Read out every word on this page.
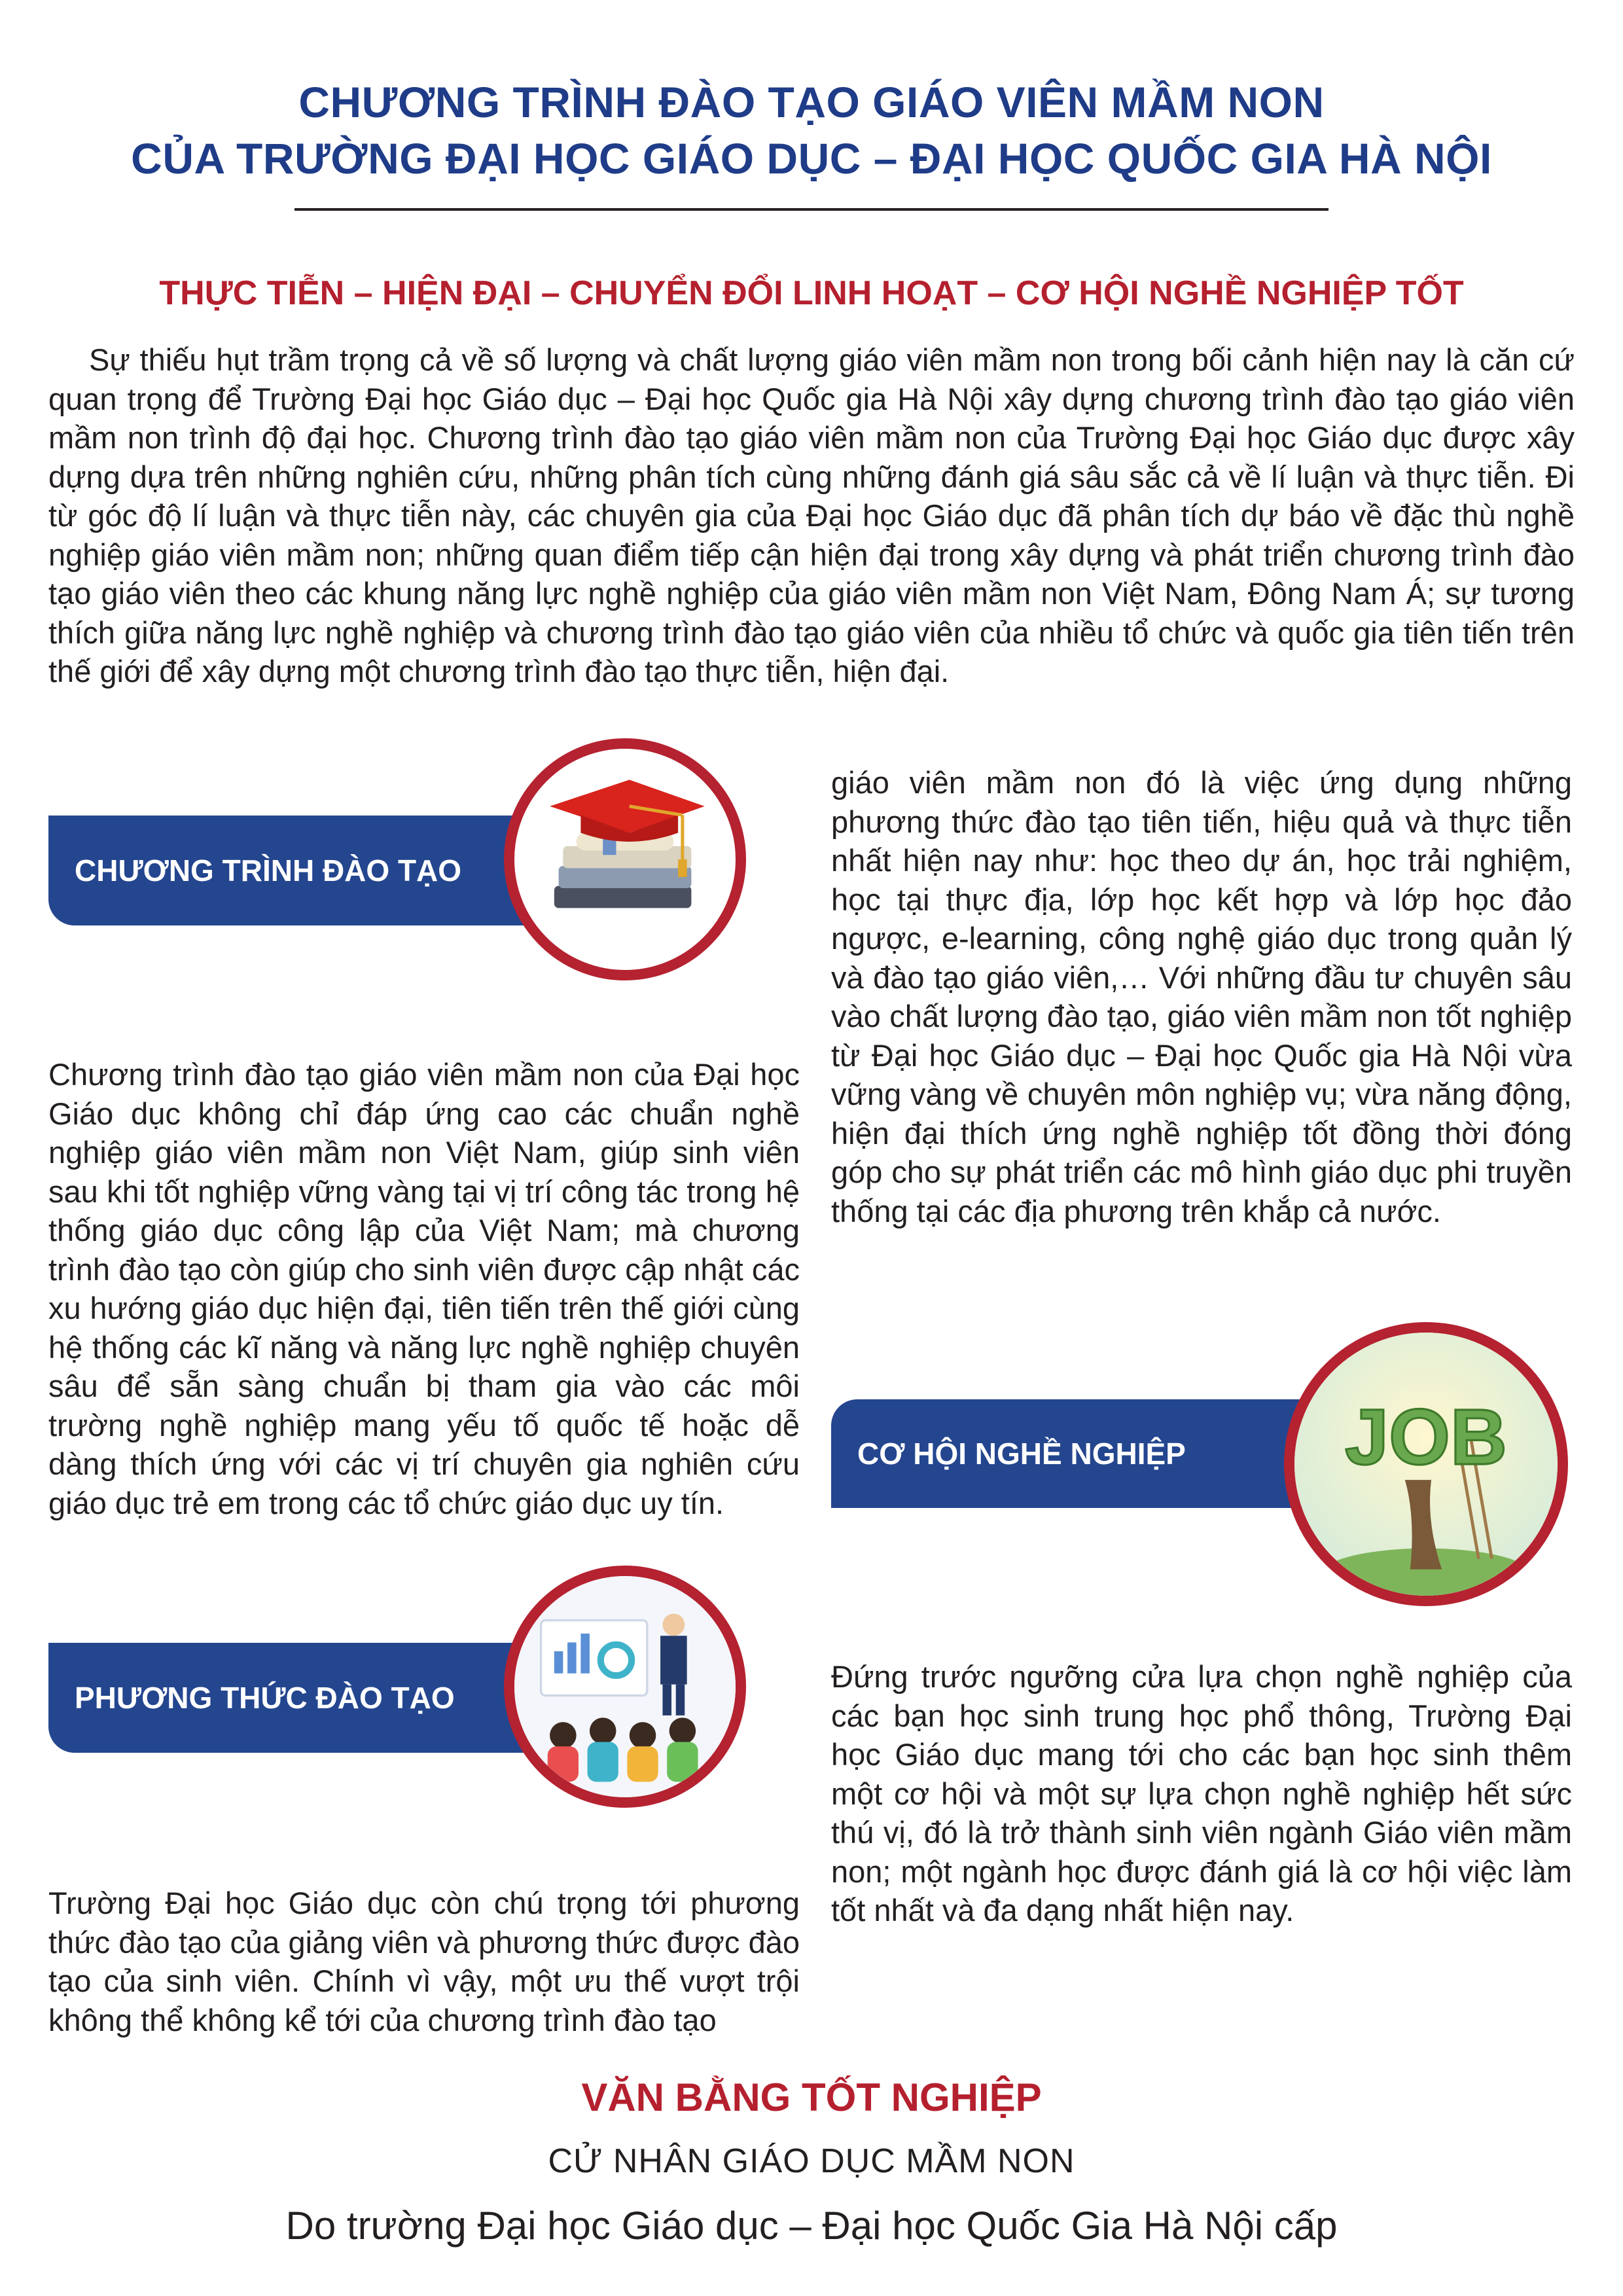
CHƯƠNG TRÌNH ĐÀO TẠO GIÁO VIÊN MẦM NON
CỦA TRƯỜNG ĐẠI HỌC GIÁO DỤC – ĐẠI HỌC QUỐC GIA HÀ NỘI
THỰC TIỄN – HIỆN ĐẠI – CHUYỂN ĐỔI LINH HOẠT – CƠ HỘI NGHỀ NGHIỆP TỐT
Sự thiếu hụt trầm trọng cả về số lượng và chất lượng giáo viên mầm non trong bối cảnh hiện nay là căn cứ quan trọng để Trường Đại học Giáo dục – Đại học Quốc gia Hà Nội xây dựng chương trình đào tạo giáo viên mầm non trình độ đại học. Chương trình đào tạo giáo viên mầm non của Trường Đại học Giáo dục được xây dựng dựa trên những nghiên cứu, những phân tích cùng những đánh giá sâu sắc cả về lí luận và thực tiễn. Đi từ góc độ lí luận và thực tiễn này, các chuyên gia của Đại học Giáo dục đã phân tích dự báo về đặc thù nghề nghiệp giáo viên mầm non; những quan điểm tiếp cận hiện đại trong xây dựng và phát triển chương trình đào tạo giáo viên theo các khung năng lực nghề nghiệp của giáo viên mầm non Việt Nam, Đông Nam Á; sự tương thích giữa năng lực nghề nghiệp và chương trình đào tạo giáo viên của nhiều tổ chức và quốc gia tiên tiến trên thế giới để xây dựng một chương trình đào tạo thực tiễn, hiện đại.
CHƯƠNG TRÌNH ĐÀO TẠO
Chương trình đào tạo giáo viên mầm non của Đại học Giáo dục không chỉ đáp ứng cao các chuẩn nghề nghiệp giáo viên mầm non Việt Nam, giúp sinh viên sau khi tốt nghiệp vững vàng tại vị trí công tác trong hệ thống giáo dục công lập của Việt Nam; mà chương trình đào tạo còn giúp cho sinh viên được cập nhật các xu hướng giáo dục hiện đại, tiên tiến trên thế giới cùng hệ thống các kĩ năng và năng lực nghề nghiệp chuyên sâu để sẵn sàng chuẩn bị tham gia vào các môi trường nghề nghiệp mang yếu tố quốc tế hoặc dễ dàng thích ứng với các vị trí chuyên gia nghiên cứu giáo dục trẻ em trong các tổ chức giáo dục uy tín.
PHƯƠNG THỨC ĐÀO TẠO
Trường Đại học Giáo dục còn chú trọng tới phương thức đào tạo của giảng viên và phương thức được đào tạo của sinh viên. Chính vì vậy, một ưu thế vượt trội không thể không kể tới của chương trình đào tạo
giáo viên mầm non đó là việc ứng dụng những phương thức đào tạo tiên tiến, hiệu quả và thực tiễn nhất hiện nay như: học theo dự án, học trải nghiệm, học tại thực địa, lớp học kết hợp và lớp học đảo ngược, e-learning, công nghệ giáo dục trong quản lý và đào tạo giáo viên,… Với những đầu tư chuyên sâu vào chất lượng đào tạo, giáo viên mầm non tốt nghiệp từ Đại học Giáo dục – Đại học Quốc gia Hà Nội vừa vững vàng về chuyên môn nghiệp vụ; vừa năng động, hiện đại thích ứng nghề nghiệp tốt đồng thời đóng góp cho sự phát triển các mô hình giáo dục phi truyền thống tại các địa phương trên khắp cả nước.
CƠ HỘI NGHỀ NGHIỆP	JOB
Đứng trước ngưỡng cửa lựa chọn nghề nghiệp của các bạn học sinh trung học phổ thông, Trường Đại học Giáo dục mang tới cho các bạn học sinh thêm một cơ hội và một sự lựa chọn nghề nghiệp hết sức thú vị, đó là trở thành sinh viên ngành Giáo viên mầm non; một ngành học được đánh giá là cơ hội việc làm tốt nhất và đa dạng nhất hiện nay.
VĂN BẰNG TỐT NGHIỆP
CỬ NHÂN GIÁO DỤC MẦM NON
Do trường Đại học Giáo dục – Đại học Quốc Gia Hà Nội cấp
